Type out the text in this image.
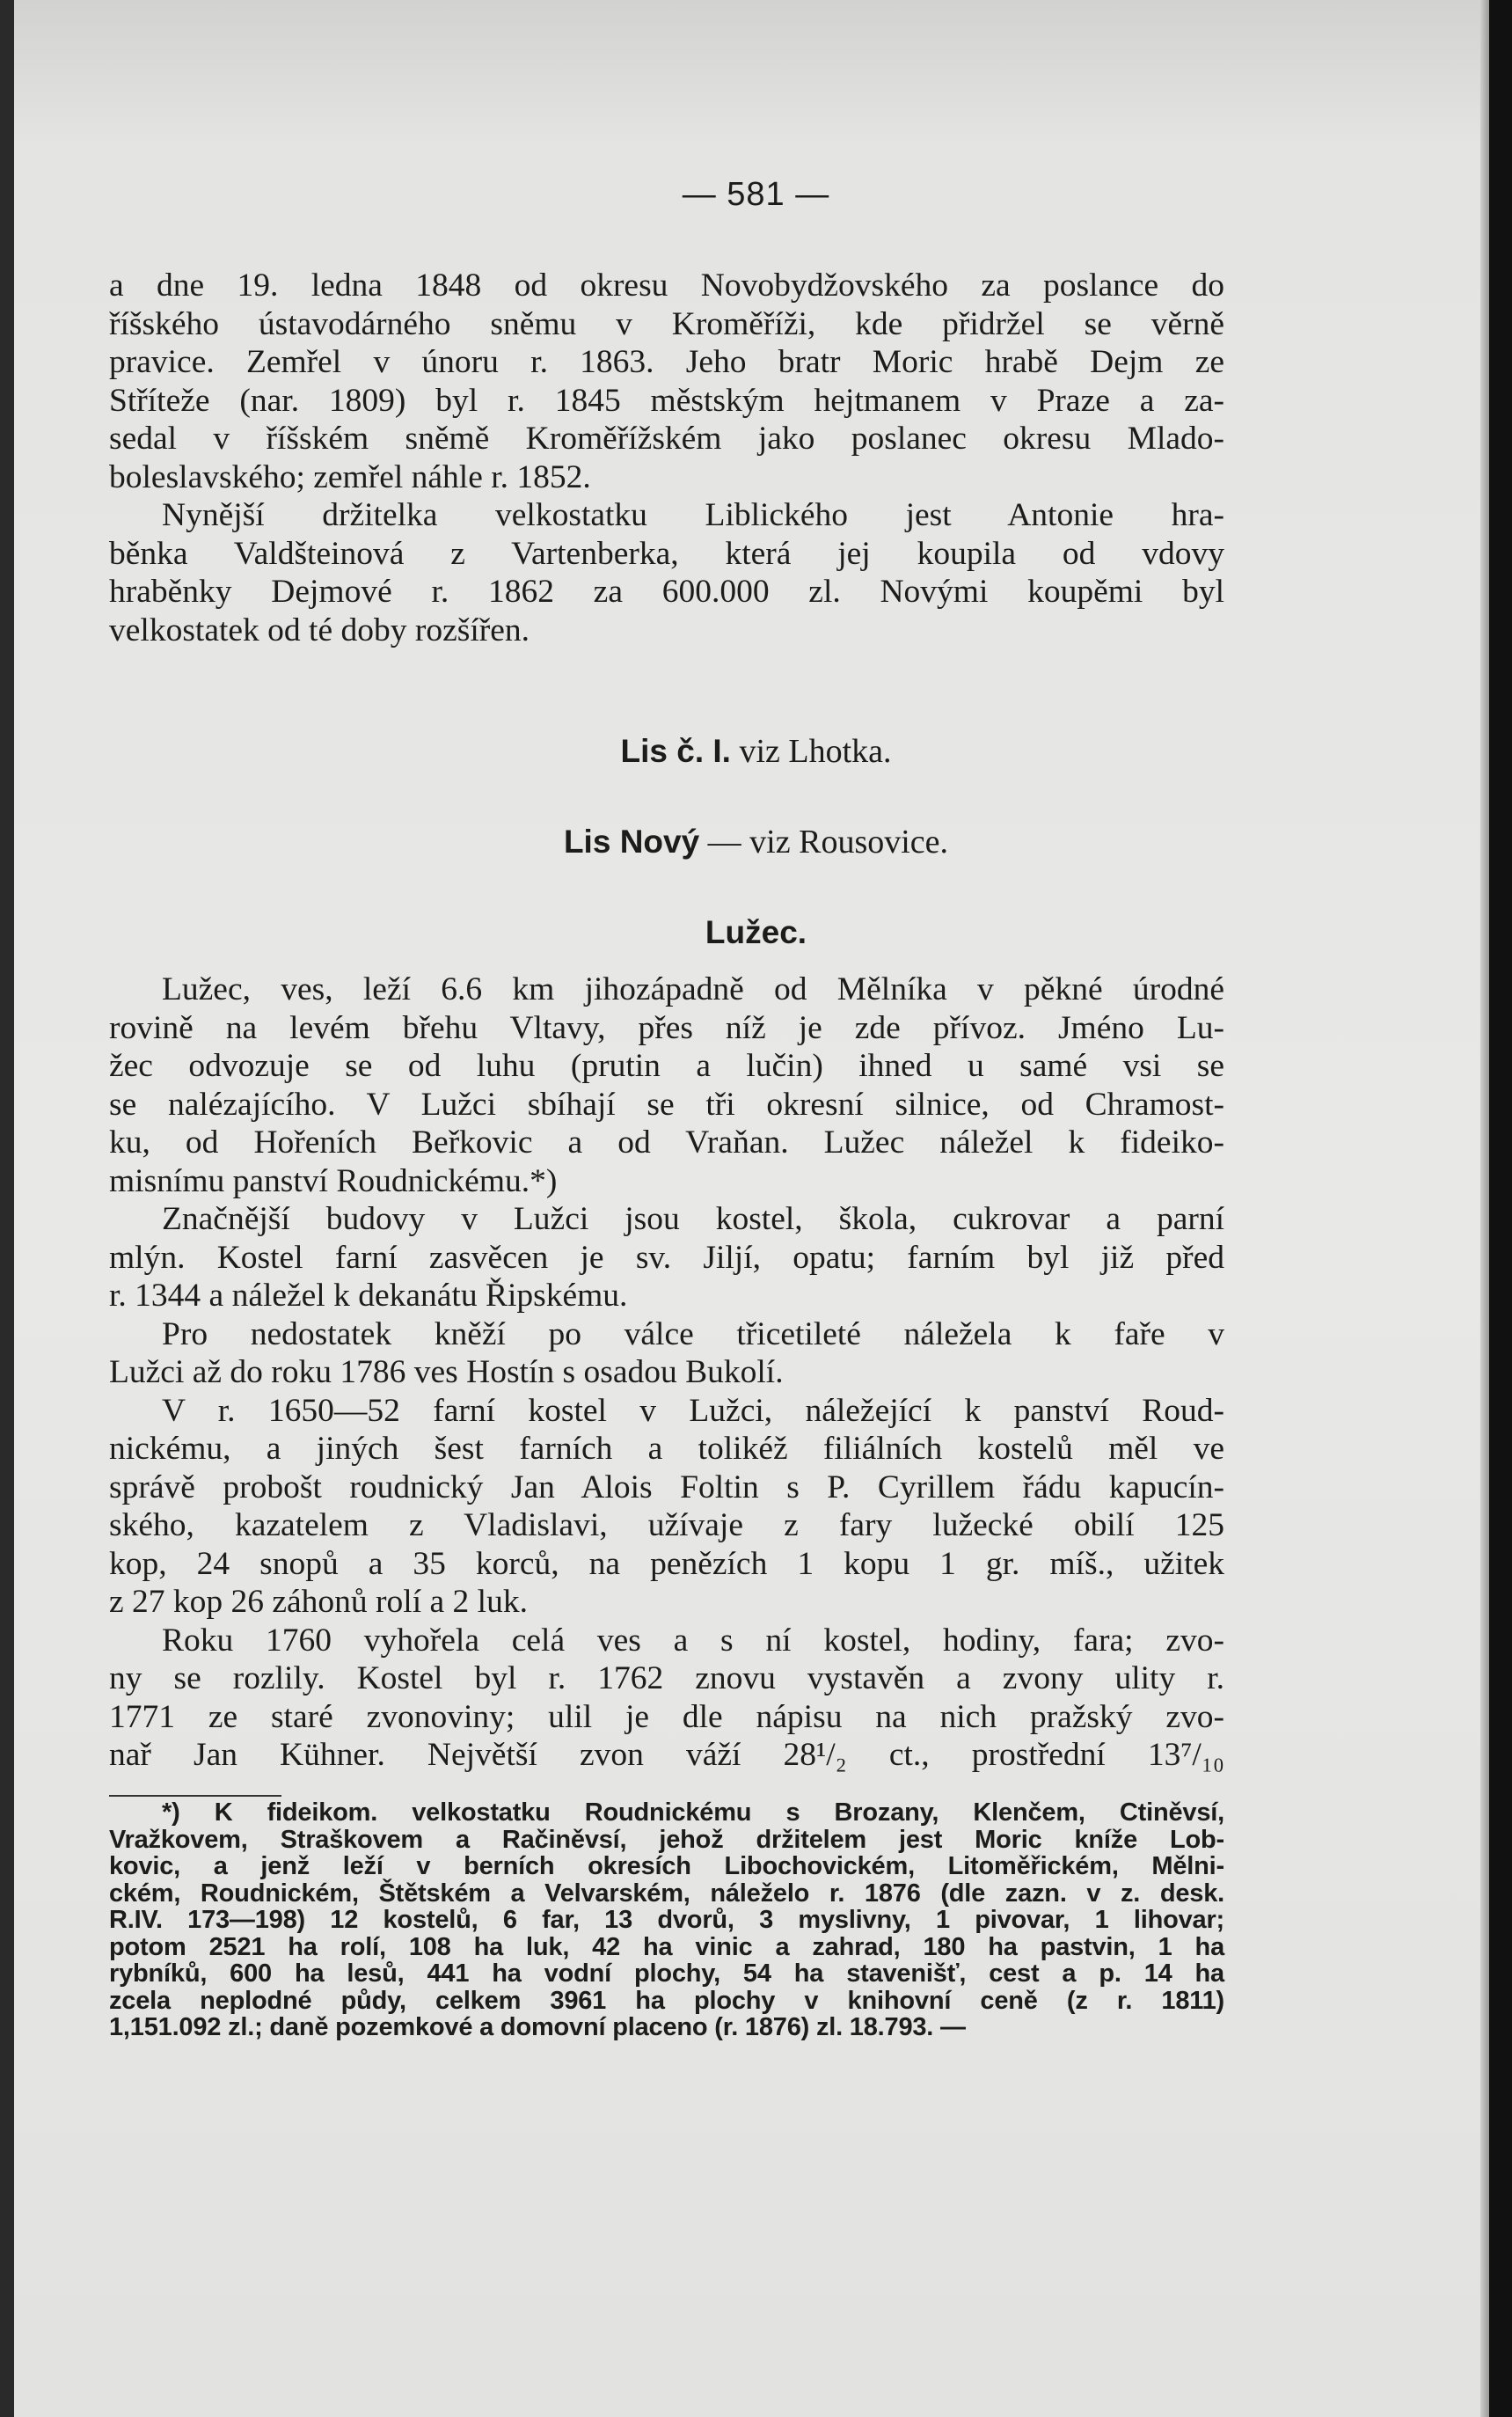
— 581 —
a dne 19. ledna 1848 od okresu Novobydžovského za poslance do
říšského ústavodárného sněmu v Kroměříži, kde přidržel se věrně
pravice. Zemřel v únoru r. 1863. Jeho bratr Moric hrabě Dejm ze
Stříteže (nar. 1809) byl r. 1845 městským hejtmanem v Praze a za-
sedal v říšském sněmě Kroměřížském jako poslanec okresu Mlado-
boleslavského; zemřel náhle r. 1852.
Nynější držitelka velkostatku Liblického jest Antonie hra-
běnka Valdšteinová z Vartenberka, která jej koupila od vdovy
hraběnky Dejmové r. 1862 za 600.000 zl. Novými koupěmi byl
velkostatek od té doby rozšířen.
Lis č. I. viz Lhotka.
Lis Nový — viz Rousovice.
Lužec.
Lužec, ves, leží 6.6 km jihozápadně od Mělníka v pěkné úrodné
rovině na levém břehu Vltavy, přes níž je zde přívoz. Jméno Lu-
žec odvozuje se od luhu (prutin a lučin) ihned u samé vsi se
se nalézajícího. V Lužci sbíhají se tři okresní silnice, od Chramost-
ku, od Hořeních Beřkovic a od Vraňan. Lužec náležel k fideiko-
misnímu panství Roudnickému.*)
Značnější budovy v Lužci jsou kostel, škola, cukrovar a parní
mlýn. Kostel farní zasvěcen je sv. Jiljí, opatu; farním byl již před
r. 1344 a náležel k dekanátu Řipskému.
Pro nedostatek kněží po válce třicetileté náležela k faře v
Lužci až do roku 1786 ves Hostín s osadou Bukolí.
V r. 1650—52 farní kostel v Lužci, náležející k panství Roud-
nickému, a jiných šest farních a tolikéž filiálních kostelů měl ve
správě probošt roudnický Jan Alois Foltin s P. Cyrillem řádu kapucín-
ského, kazatelem z Vladislavi, užívaje z fary lužecké obilí 125
kop, 24 snopů a 35 korců, na penězích 1 kopu 1 gr. míš., užitek
z 27 kop 26 záhonů rolí a 2 luk.
Roku 1760 vyhořela celá ves a s ní kostel, hodiny, fara; zvo-
ny se rozlily. Kostel byl r. 1762 znovu vystavěn a zvony ulity r.
1771 ze staré zvonoviny; ulil je dle nápisu na nich pražský zvo-
nař Jan Kühner. Největší zvon váží 28¹/₂ ct., prostřední 13⁷/₁₀
*) K fideikom. velkostatku Roudnickému s Brozany, Klenčem, Ctiněvsí,
Vražkovem, Straškovem a Račiněvsí, jehož držitelem jest Moric kníže Lob-
kovic, a jenž leží v berních okresích Libochovickém, Litoměřickém, Mělni-
ckém, Roudnickém, Štětském a Velvarském, náleželo r. 1876 (dle zazn. v z. desk.
R.IV. 173—198) 12 kostelů, 6 far, 13 dvorů, 3 myslivny, 1 pivovar, 1 lihovar;
potom 2521 ha rolí, 108 ha luk, 42 ha vinic a zahrad, 180 ha pastvin, 1 ha
rybníků, 600 ha lesů, 441 ha vodní plochy, 54 ha stavenišť, cest a p. 14 ha
zcela neplodné půdy, celkem 3961 ha plochy v knihovní ceně (z r. 1811)
1,151.092 zl.; daně pozemkové a domovní placeno (r. 1876) zl. 18.793. —
